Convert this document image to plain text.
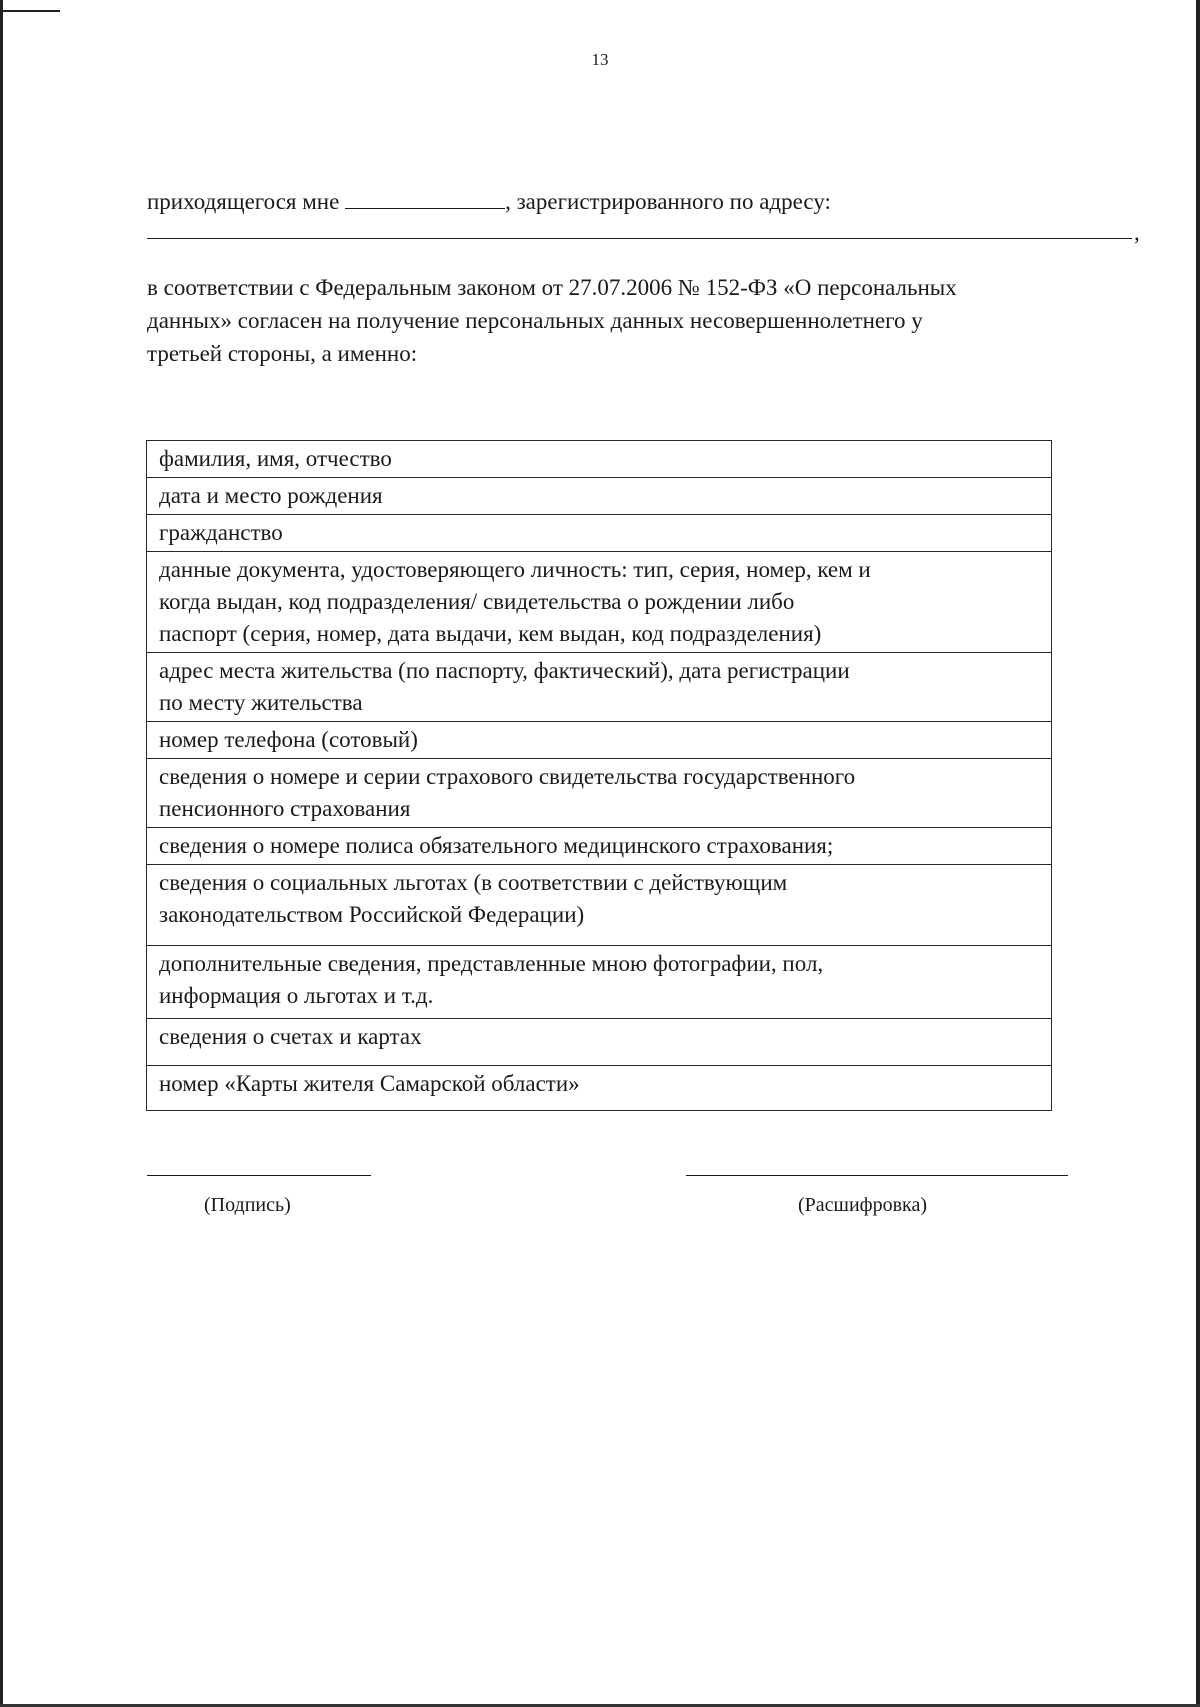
13
приходящегося мне	, зарегистрированного по адресу:
,
в соответствии с Федеральным законом от 27.07.2006 № 152-ФЗ «О персональных
данных» согласен на получение персональных данных несовершеннолетнего у
третьей стороны, а именно:
фамилия, имя, отчество

дата и место рождения

гражданство

данные документа, удостоверяющего личность: тип, серия, номер, кем и
когда выдан, код подразделения/ свидетельства о рождении либо
паспорт (серия, номер, дата выдачи, кем выдан, код подразделения)

адрес места жительства (по паспорту, фактический), дата регистрации
по месту жительства

номер телефона (сотовый)

сведения о номере и серии страхового свидетельства государственного
пенсионного страхования

сведения о номере полиса обязательного медицинского страхования;

сведения о социальных льготах (в соответствии с действующим
законодательством Российской Федерации)

дополнительные сведения, представленные мною фотографии, пол,
информация о льготах и т.д.

сведения о счетах и картах

номер «Карты жителя Самарской области»
(Подпись)	(Расшифровка)
